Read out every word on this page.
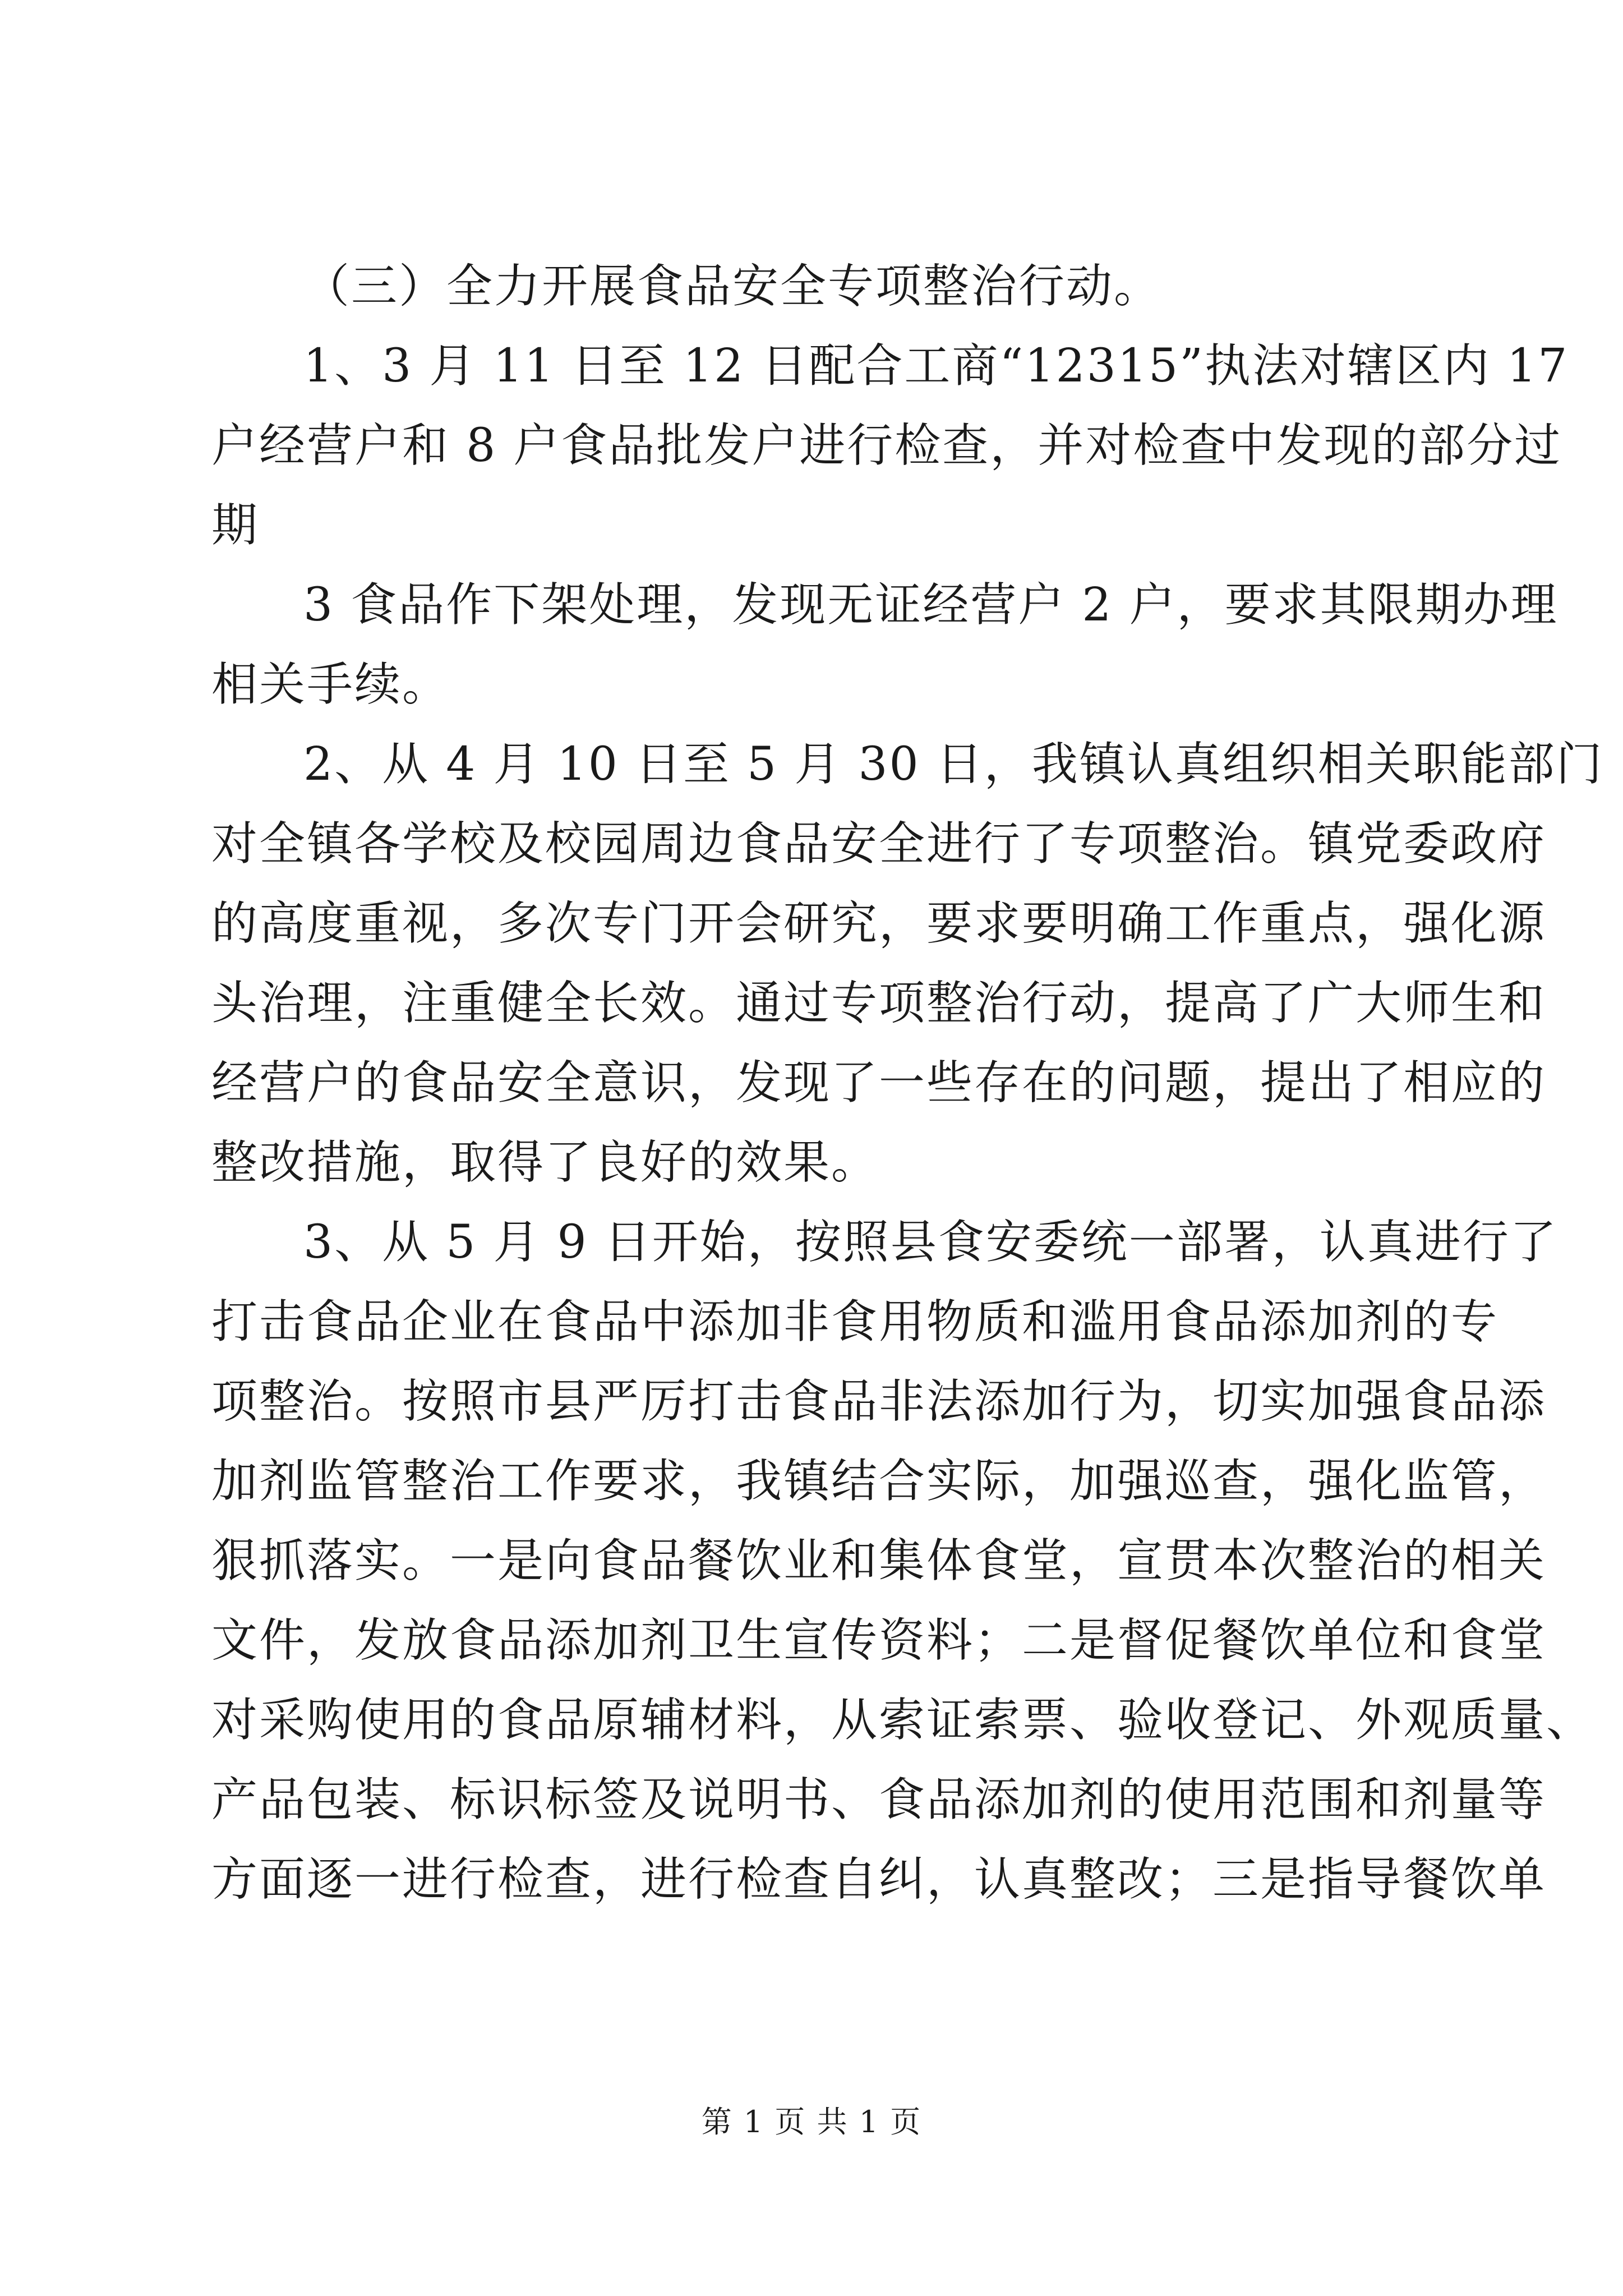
（三）全力开展食品安全专项整治行动。
1、3 月 11 日至 12 日配合工商“12315”执法对辖区内 17
户经营户和 8 户食品批发户进行检查，并对检查中发现的部分过
期
3 食品作下架处理，发现无证经营户 2 户，要求其限期办理
相关手续。
2、从 4 月 10 日至 5 月 30 日，我镇认真组织相关职能部门
对全镇各学校及校园周边食品安全进行了专项整治。镇党委政府
的高度重视，多次专门开会研究，要求要明确工作重点，强化源
头治理，注重健全长效。通过专项整治行动，提高了广大师生和
经营户的食品安全意识，发现了一些存在的问题，提出了相应的
整改措施，取得了良好的效果。
3、从 5 月 9 日开始，按照县食安委统一部署，认真进行了
打击食品企业在食品中添加非食用物质和滥用食品添加剂的专
项整治。按照市县严厉打击食品非法添加行为，切实加强食品添
加剂监管整治工作要求，我镇结合实际，加强巡查，强化监管，
狠抓落实。一是向食品餐饮业和集体食堂，宣贯本次整治的相关
文件，发放食品添加剂卫生宣传资料；二是督促餐饮单位和食堂
对采购使用的食品原辅材料，从索证索票、验收登记、外观质量、
产品包装、标识标签及说明书、食品添加剂的使用范围和剂量等
方面逐一进行检查，进行检查自纠，认真整改；三是指导餐饮单
第 1 页 共 1 页
